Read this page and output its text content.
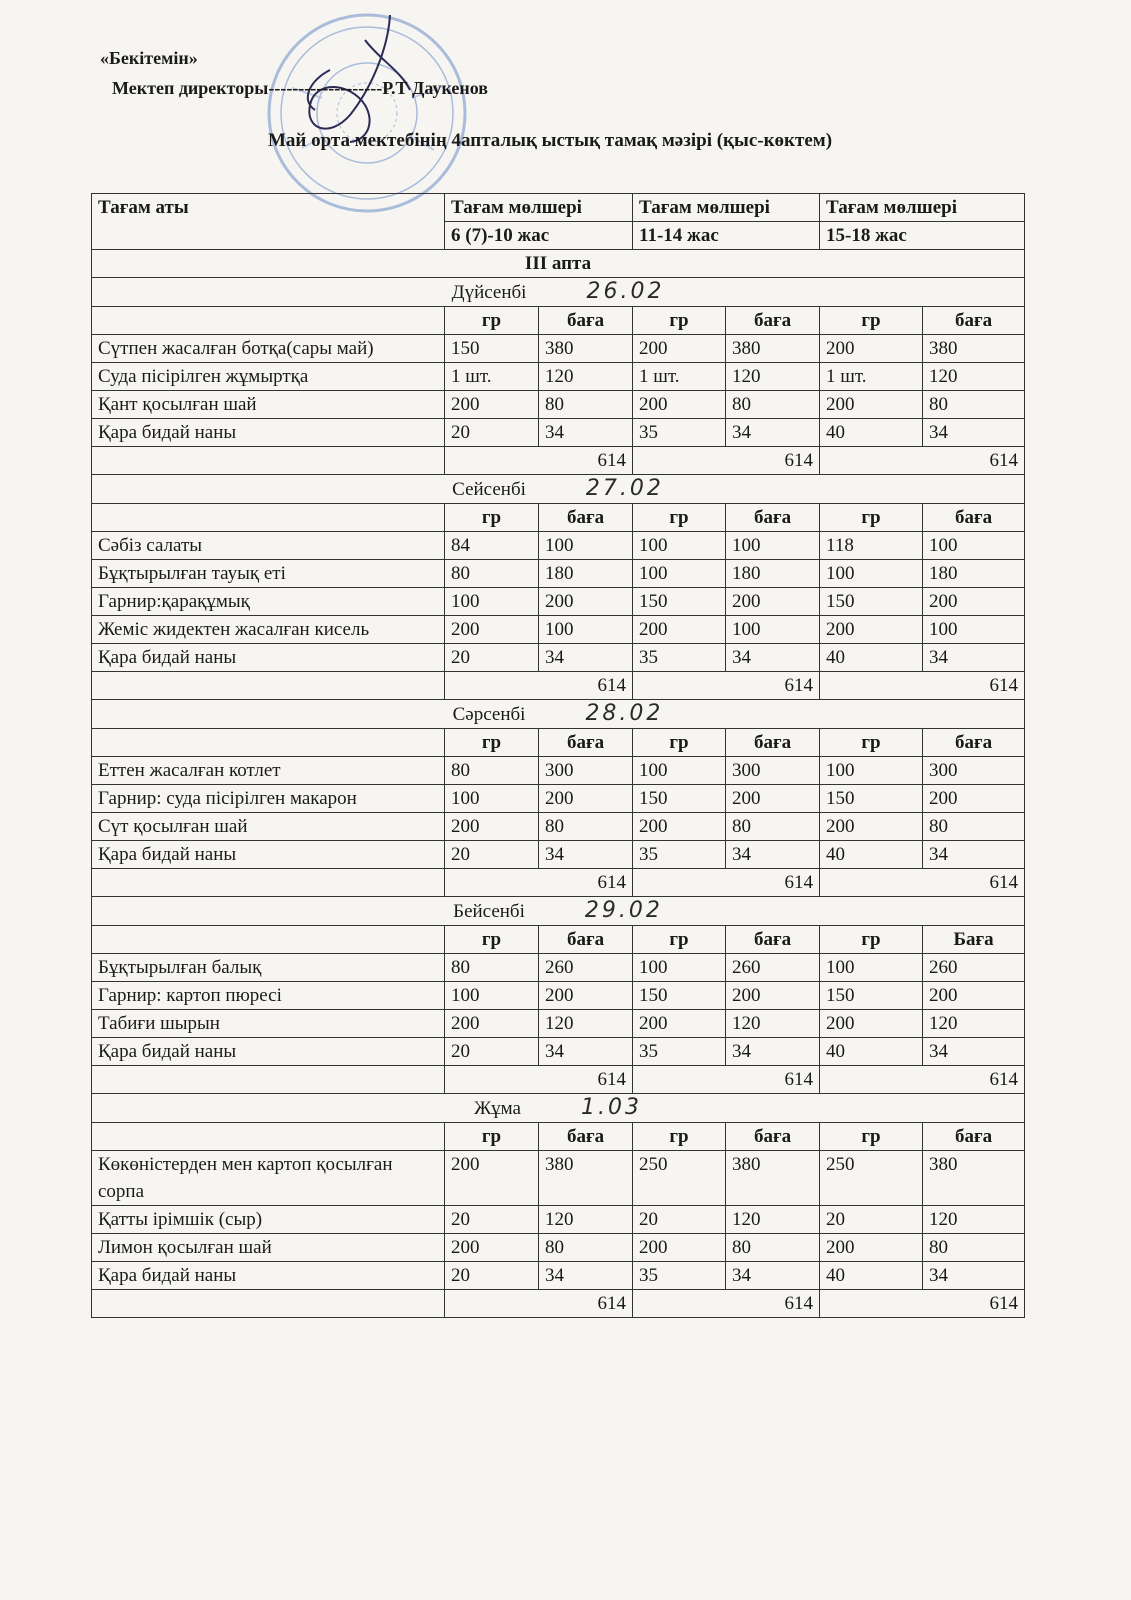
«Бекітемін»
Мектеп директоры-------------------Р.Т Даукенов
Май орта мектебінің 4апталық ыстық тамақ мәзірі (қыс-көктем)
Тағам аты	Тағам мөлшері		Тағам мөлшері		Тағам мөлшері	
	6 (7)-10 жас		11-14 жас		15-18 жас	
III апта						
Дүйсенбі 26.02						
	гр	баға	гр	баға	гр	баға
Сүтпен жасалған ботқа(сары май)	150	380	200	380	200	380
Суда пісірілген жұмыртқа	1 шт.	120	1 шт.	120	1 шт.	120
Қант қосылған шай	200	80	200	80	200	80
Қара бидай наны	20	34	35	34	40	34
	614		614		614	
Сейсенбі 27.02						
	гр	баға	гр	баға	гр	баға
Сәбіз салаты	84	100	100	100	118	100
Бұқтырылған тауық еті	80	180	100	180	100	180
Гарнир:қарақұмық	100	200	150	200	150	200
Жеміс жидектен жасалған кисель	200	100	200	100	200	100
Қара бидай наны	20	34	35	34	40	34
	614		614		614	
Сәрсенбі 28.02						
	гр	баға	гр	баға	гр	баға
Еттен жасалған котлет	80	300	100	300	100	300
Гарнир: суда пісірілген макарон	100	200	150	200	150	200
Сүт қосылған шай	200	80	200	80	200	80
Қара бидай наны	20	34	35	34	40	34
	614		614		614	
Бейсенбі 29.02						
	гр	баға	гр	баға	гр	Баға
Бұқтырылған балық	80	260	100	260	100	260
Гарнир: картоп пюресі	100	200	150	200	150	200
Табиғи шырын	200	120	200	120	200	120
Қара бидай наны	20	34	35	34	40	34
	614		614		614	
Жұма 1.03						
	гр	баға	гр	баға	гр	баға
Көкөністерден мен картоп қосылған сорпа	200	380	250	380	250	380
Қатты ірімшік (сыр)	20	120	20	120	20	120
Лимон қосылған шай	200	80	200	80	200	80
Қара бидай наны	20	34	35	34	40	34
	614		614		614	
